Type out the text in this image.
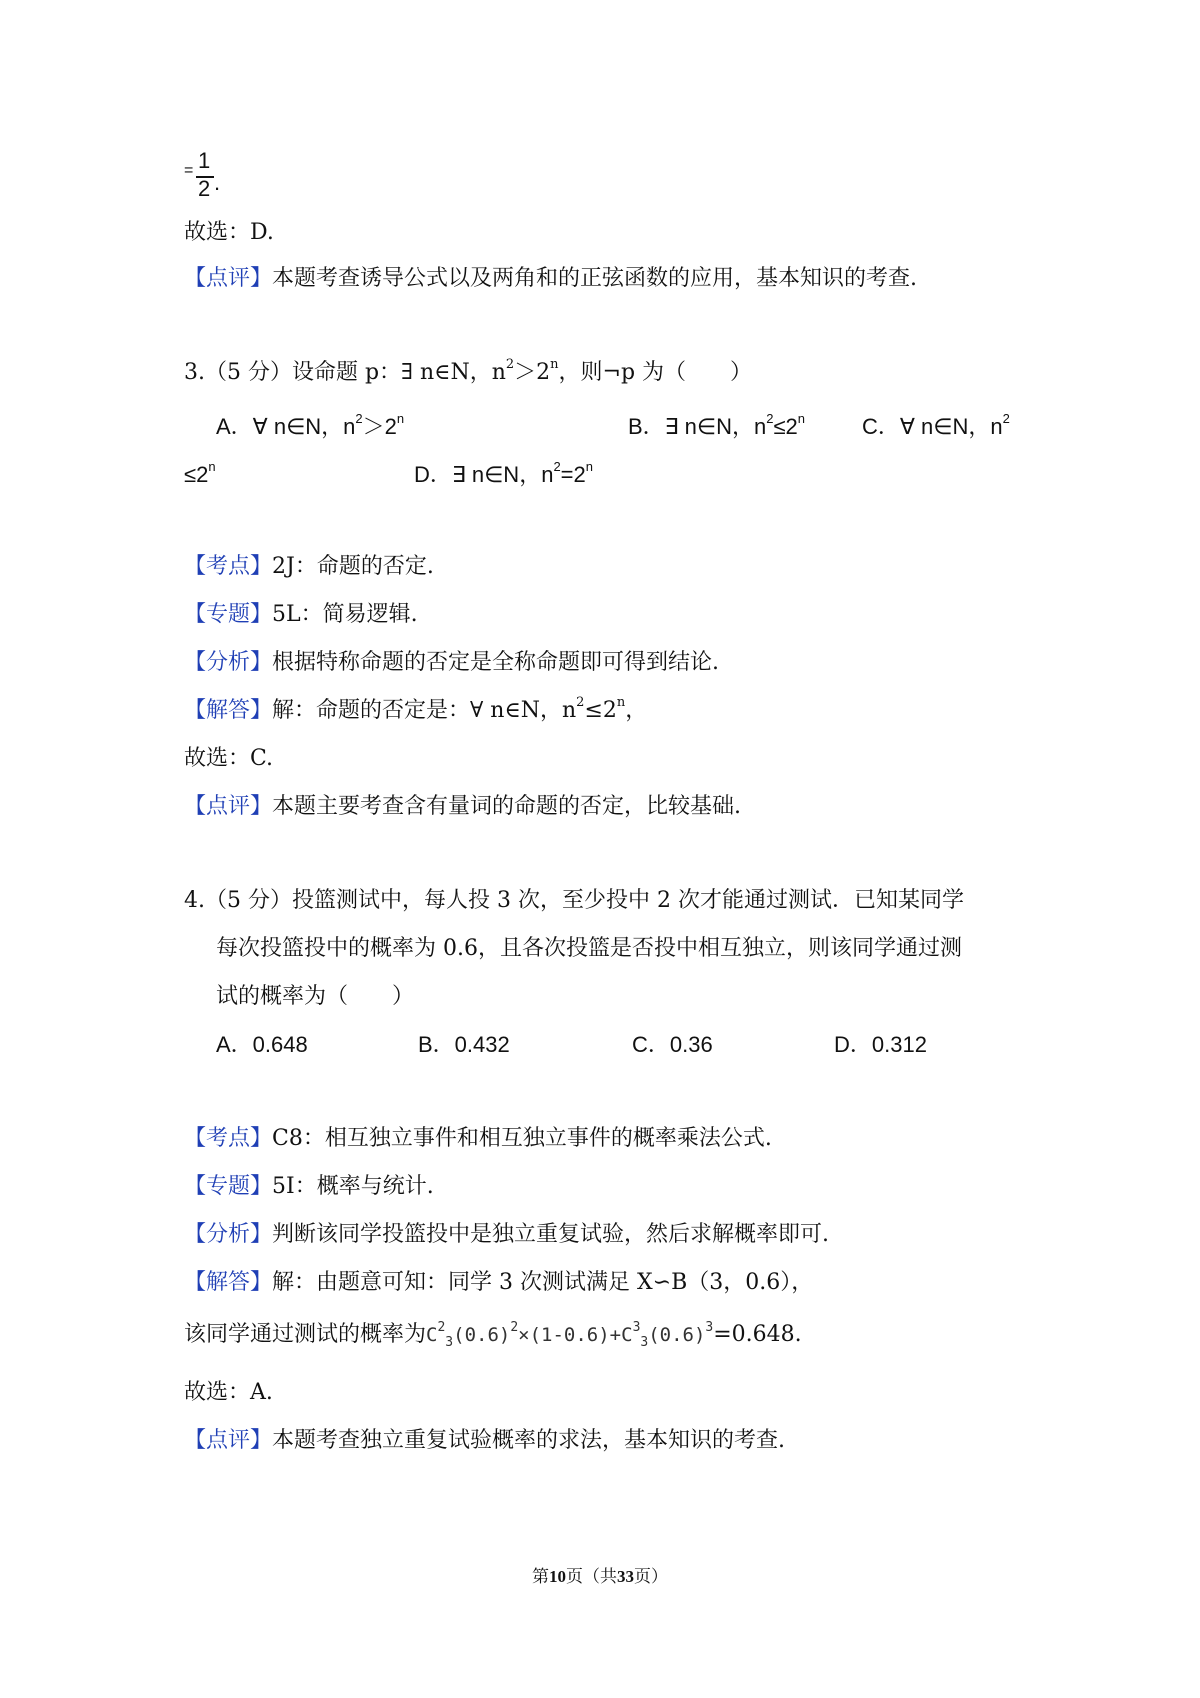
= 1
2 .
故选：D.
【点评】本题考查诱导公式以及两角和的正弦函数的应用，基本知识的考查.
3.（5 分）设命题 p：∃ n∈N，$n^2>2^n$，则¬p 为（　　）
A．∀ n∈N，$n^2>2^n$	B．∃ n∈N，$n^2\le 2^n$	C．∀ n∈N，$n^2$
$\le 2^n$	D．∃ n∈N，$n^2=2^n$
【考点】2J：命题的否定.
【专题】5L：简易逻辑.
【分析】根据特称命题的否定是全称命题即可得到结论.
【解答】解：命题的否定是：∀ n∈N，$n^2\le 2^n$，
故选：C.
【点评】本题主要考查含有量词的命题的否定，比较基础.
4.（5 分）投篮测试中，每人投 3 次，至少投中 2 次才能通过测试．已知某同学
每次投篮投中的概率为 0.6，且各次投篮是否投中相互独立，则该同学通过测
试的概率为（　　）
A．0.648	B．0.432	C．0.36	D．0.312
【考点】C8：相互独立事件和相互独立事件的概率乘法公式.
【专题】5I：概率与统计.
【分析】判断该同学投篮投中是独立重复试验，然后求解概率即可.
【解答】解：由题意可知：同学 3 次测试满足 X∽B（3，0.6），
该同学通过测试的概率为$C^2_3(0.6)^2\times(1-0.6)+C^3_3(0.6)^3=0.648$.
故选：A.
【点评】本题考查独立重复试验概率的求法，基本知识的考查.
第10页（共33页）
